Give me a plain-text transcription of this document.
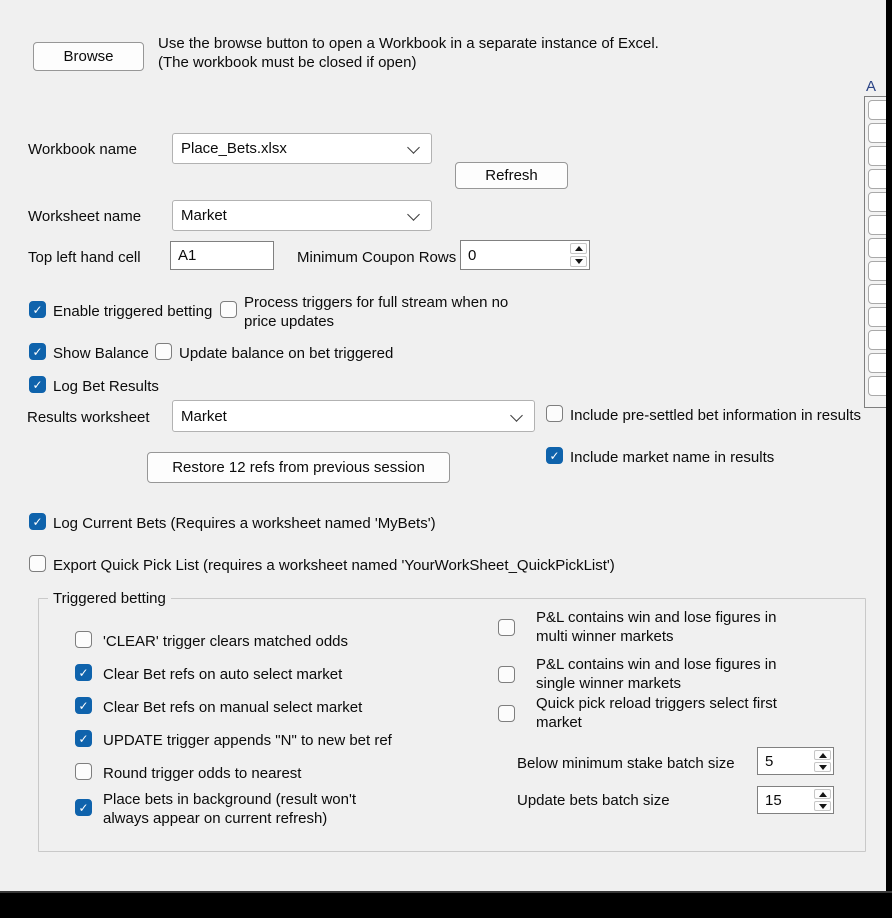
Browse
Use the browse button to open a Workbook in a separate instance of Excel.
(The workbook must be closed if open)
A
Workbook name	Place_Bets.xlsx
Refresh
Worksheet name	Market
Top left hand cell	A1	Minimum Coupon Rows 0
✓
Enable triggered betting
Process triggers for full stream when no
price updates
✓
Show Balance Update balance on bet triggered
✓
Log Bet Results
Results worksheet Market	Include pre-settled bet information in results
Restore 12 refs from previous session
✓
Include market name in results
✓
Log Current Bets (Requires a worksheet named 'MyBets')
Export Quick Pick List (requires a worksheet named 'YourWorkSheet_QuickPickList')
Triggered betting
'CLEAR' trigger clears matched odds
✓
Clear Bet refs on auto select market
✓
Clear Bet refs on manual select market
✓
UPDATE trigger appends "N" to new bet ref
Round trigger odds to nearest
✓
Place bets in background (result won't
always appear on current refresh)
P&L contains win and lose figures in
multi winner markets
P&L contains win and lose figures in
single winner markets
Quick pick reload triggers select first
market
Below minimum stake batch size	5
Update bets batch size	15
